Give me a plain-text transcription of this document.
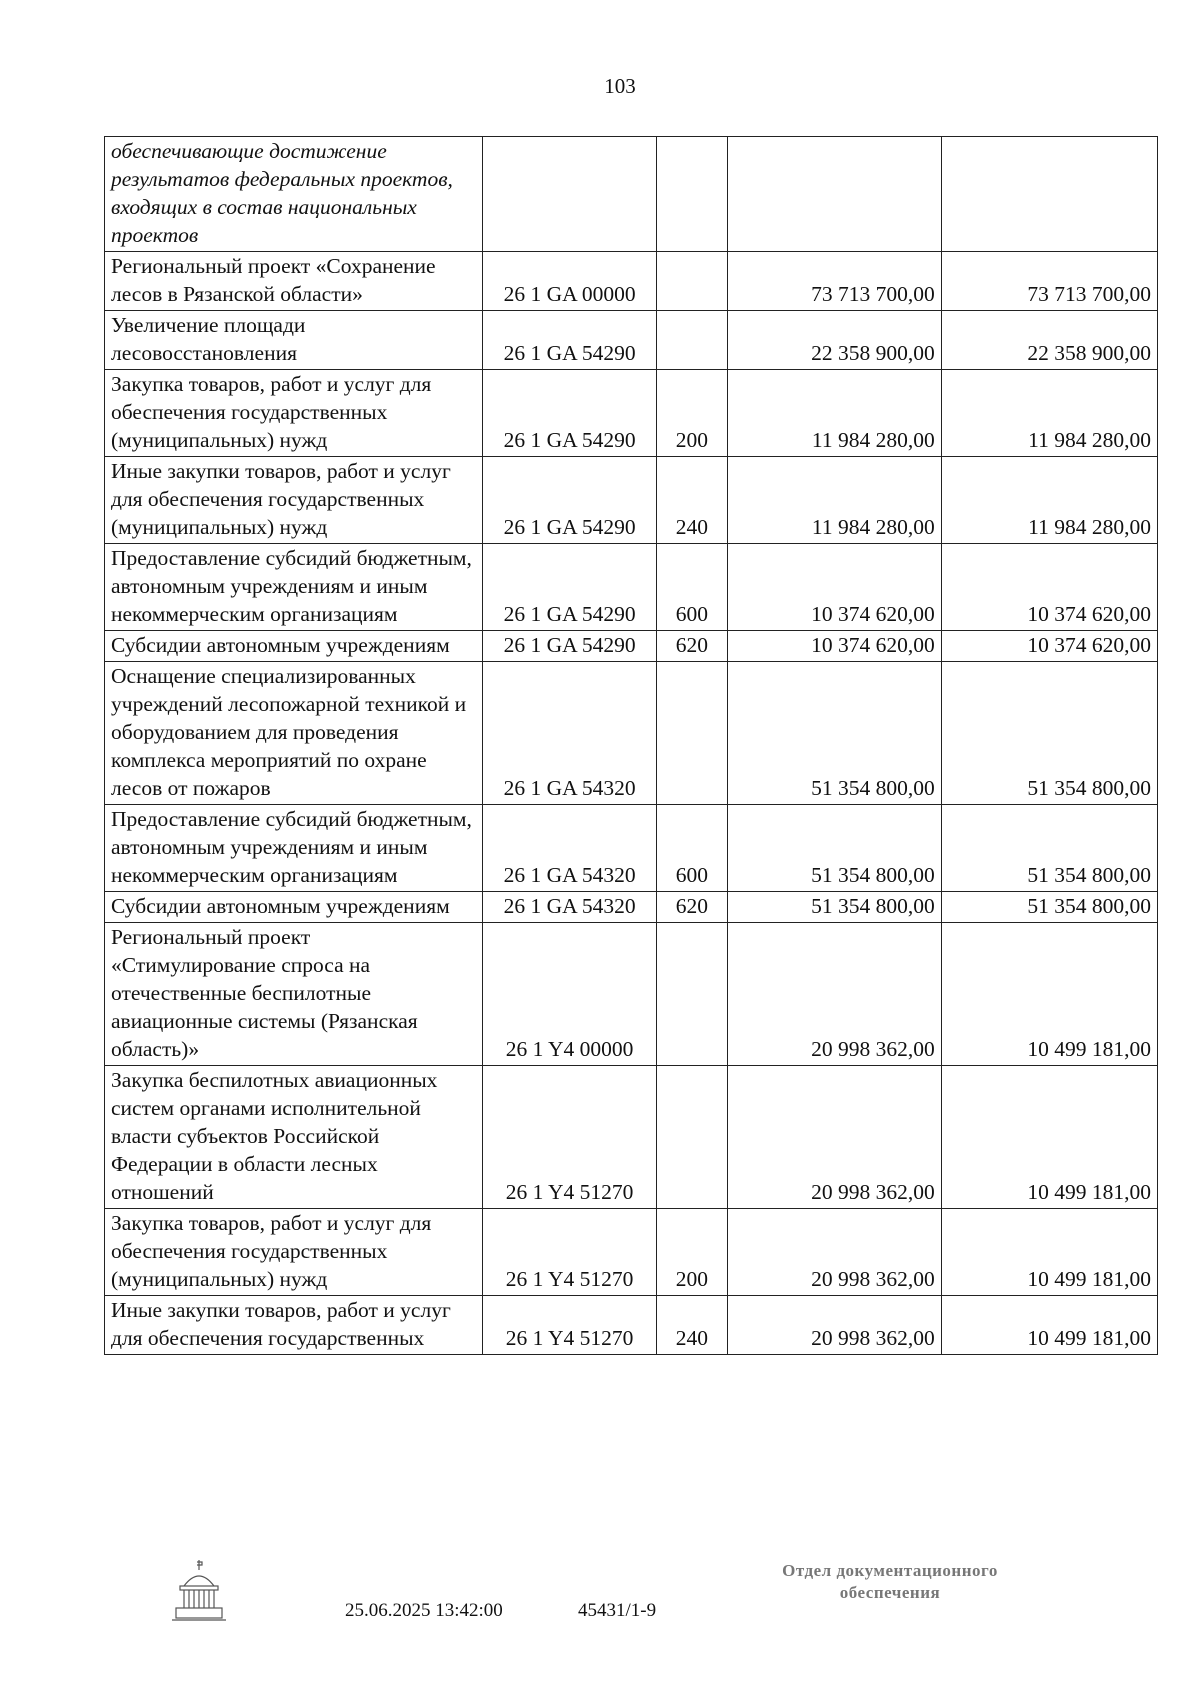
103
обеспечивающие достижение результатов федеральных проектов, входящих в состав национальных проектов				
Региональный проект «Сохранение лесов в Рязанской области»	26 1 GA 00000		73 713 700,00	73 713 700,00
Увеличение площади лесовосстановления	26 1 GA 54290		22 358 900,00	22 358 900,00
Закупка товаров, работ и услуг для обеспечения государственных (муниципальных) нужд	26 1 GA 54290	200	11 984 280,00	11 984 280,00
Иные закупки товаров, работ и услуг для обеспечения государственных (муниципальных) нужд	26 1 GA 54290	240	11 984 280,00	11 984 280,00
Предоставление субсидий бюджетным, автономным учреждениям и иным некоммерческим организациям	26 1 GA 54290	600	10 374 620,00	10 374 620,00
Субсидии автономным учреждениям	26 1 GA 54290	620	10 374 620,00	10 374 620,00
Оснащение специализированных учреждений лесопожарной техникой и оборудованием для проведения комплекса мероприятий по охране лесов от пожаров	26 1 GA 54320		51 354 800,00	51 354 800,00
Предоставление субсидий бюджетным, автономным учреждениям и иным некоммерческим организациям	26 1 GA 54320	600	51 354 800,00	51 354 800,00
Субсидии автономным учреждениям	26 1 GA 54320	620	51 354 800,00	51 354 800,00
Региональный проект «Стимулирование спроса на отечественные беспилотные авиационные системы (Рязанская область)»	26 1 Y4 00000		20 998 362,00	10 499 181,00
Закупка беспилотных авиационных систем органами исполнительной власти субъектов Российской Федерации в области лесных отношений	26 1 Y4 51270		20 998 362,00	10 499 181,00
Закупка товаров, работ и услуг для обеспечения государственных (муниципальных) нужд	26 1 Y4 51270	200	20 998 362,00	10 499 181,00
Иные закупки товаров, работ и услуг для обеспечения государственных	26 1 Y4 51270	240	20 998 362,00	10 499 181,00
25.06.2025 13:42:00	45431/1-9
Отдел документационного
обеспечения
